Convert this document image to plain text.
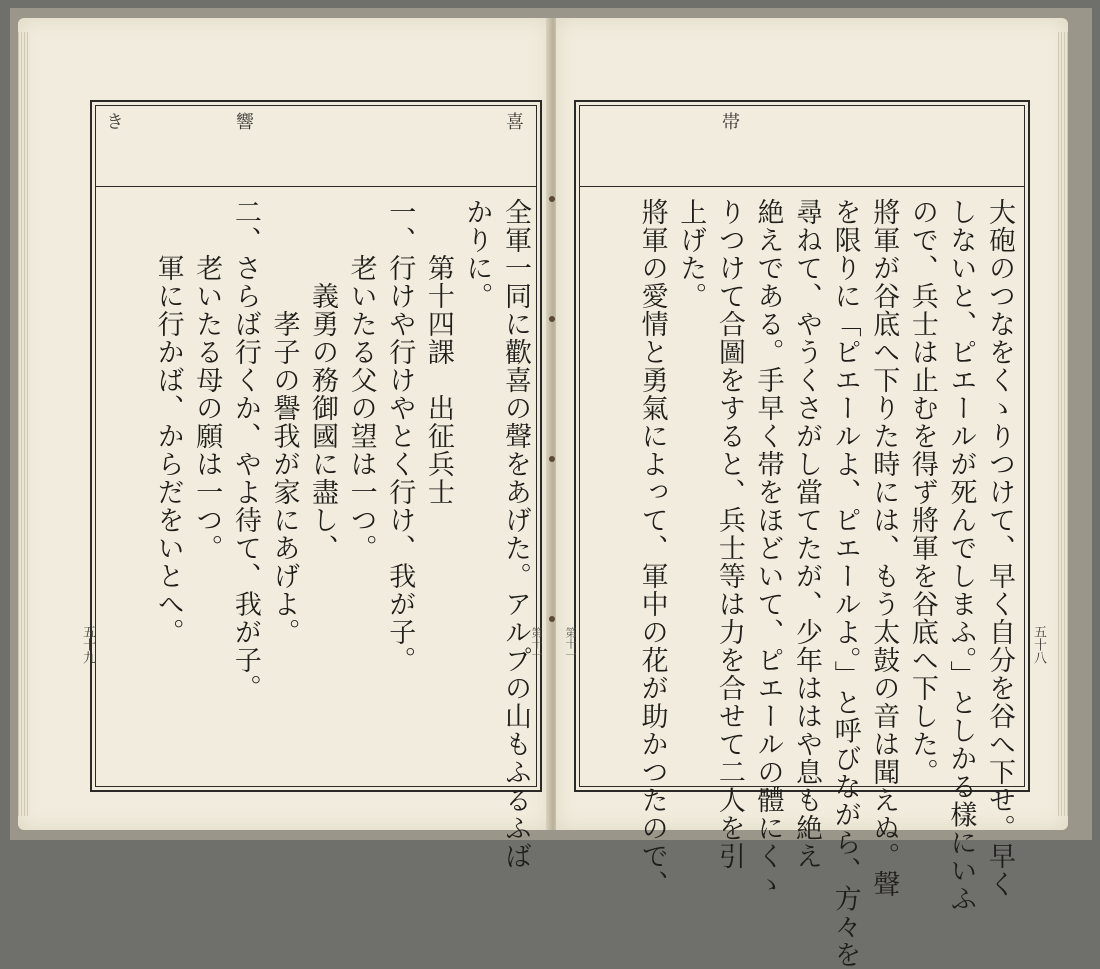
喜
響
き
全軍一同に歡喜の聲をあげた。アルプの山もふるふば
かりに。
　　第十四課　出征兵士
一、行けや行けやとく行け、我が子。
　　老いたる父の望は一つ。
　　　義勇の務御國に盡し、
　　　　孝子の譽我が家にあげよ。
二、さらば行くか、やよ待て、我が子。
　　老いたる母の願は一つ。
　　軍に行かば、からだをいとへ。
五十九	第十一
帯
大砲のつなをくゝりつけて、早く自分を谷へ下せ。早く
しないと、ピエールが死んでしまふ。」としかる樣にいふ
ので、兵士は止むを得ず將軍を谷底へ下した。
將軍が谷底へ下りた時には、もう太鼓の音は聞えぬ。聲
を限りに「ピエールよ、ピエールよ。」と呼びながら、方々を
尋ねて、やうくさがし當てたが、少年ははや息も絶え
絶えである。手早く帯をほどいて、ピエールの體にくゝ
りつけて合圖をすると、兵士等は力を合せて二人を引
上げた。
將軍の愛情と勇氣によって、軍中の花が助かつたので、	五十八
第十一
